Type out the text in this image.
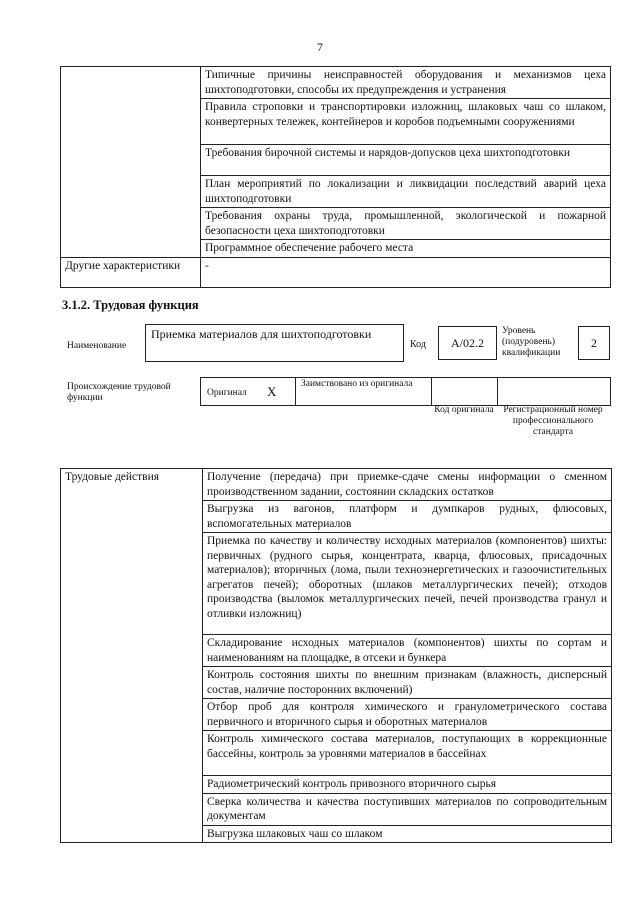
7
	Типичные причины неисправностей оборудования и механизмов цеха шихтоподготовки, способы их предупреждения и устранения
	Правила строповки и транспортировки изложниц, шлаковых чаш со шлаком, конвертерных тележек, контейнеров и коробов подъемными сооружениями
	Требования бирочной системы и нарядов-допусков цеха шихтоподготовки
	План мероприятий по локализации и ликвидации последствий аварий цеха шихтоподготовки
	Требования охраны труда, промышленной, экологической и пожарной безопасности цеха шихтоподготовки
	Программное обеспечение рабочего места
Другие характеристики	-
3.1.2. Трудовая функция
Наименование
Приемка материалов для шихтоподготовки
Код	A/02.2
Уровень (подуровень) квалификации
2
Происхождение трудовой функции	Оригинал X	Заимствовано из оригинала
Код оригинала	Регистрационный номер профессионального стандарта
Трудовые действия	Получение (передача) при приемке-сдаче смены информации о сменном производственном задании, состоянии складских остатков
Выгрузка из вагонов, платформ и думпкаров рудных, флюсовых, вспомогательных материалов
Приемка по качеству и количеству исходных материалов (компонентов) шихты: первичных (рудного сырья, концентрата, кварца, флюсовых, присадочных материалов); вторичных (лома, пыли техноэнергетических и газоочистительных агрегатов печей); оборотных (шлаков металлургических печей); отходов производства (выломок металлургических печей, печей производства гранул и отливки изложниц)
Складирование исходных материалов (компонентов) шихты по сортам и наименованиям на площадке, в отсеки и бункера
Контроль состояния шихты по внешним признакам (влажность, дисперсный состав, наличие посторонних включений)
Отбор проб для контроля химического и гранулометрического состава первичного и вторичного сырья и оборотных материалов
Контроль химического состава материалов, поступающих в коррекционные бассейны, контроль за уровнями материалов в бассейнах
Радиометрический контроль привозного вторичного сырья
Сверка количества и качества поступивших материалов по сопроводительным документам
Выгрузка шлаковых чаш со шлаком
